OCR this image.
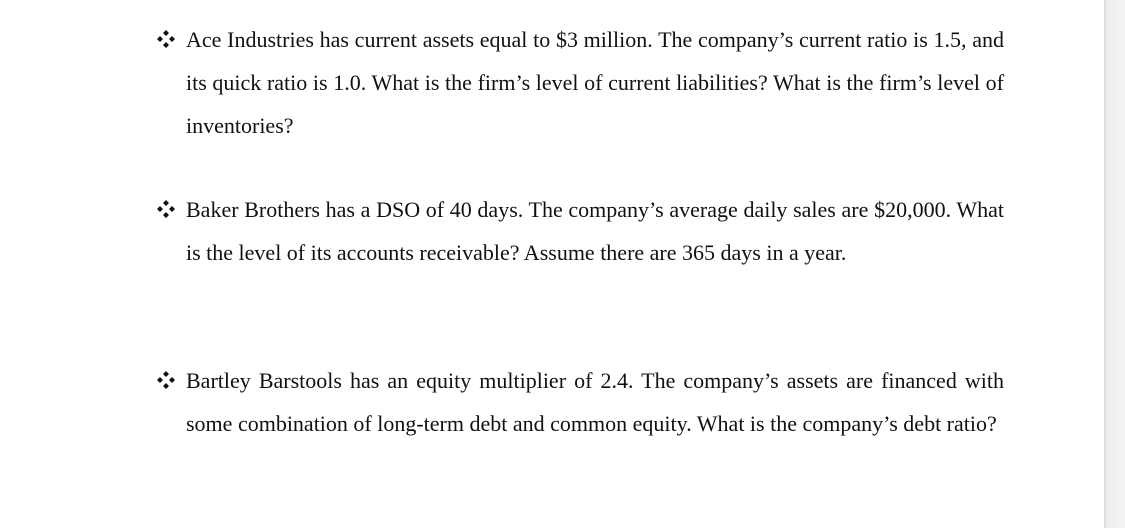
Ace Industries has current assets equal to $3 million. The company’s current ratio is 1.5, and its quick ratio is 1.0. What is the firm’s level of current liabilities? What is the firm’s level of inventories?

Baker Brothers has a DSO of 40 days. The company’s average daily sales are $20,000. What is the level of its accounts receivable? Assume there are 365 days in a year.

Bartley Barstools has an equity multiplier of 2.4. The company’s assets are financed with some combination of long-term debt and common equity. What is the company’s debt ratio?
